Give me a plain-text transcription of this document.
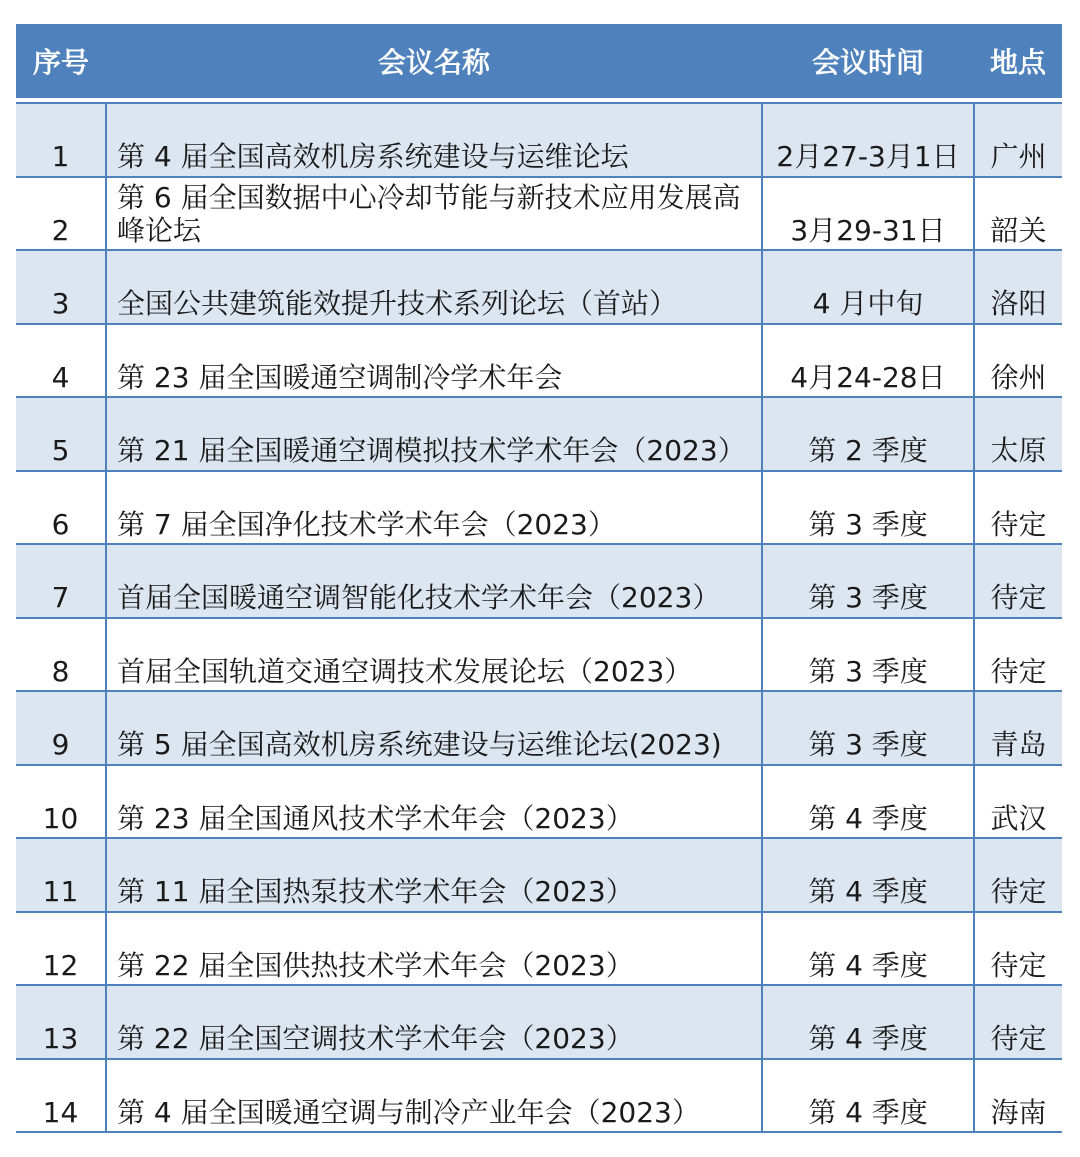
序号	会议名称	会议时间	地点

1	第 4 届全国高效机房系统建设与运维论坛	2月27-3月1日	广州
2	第 6 届全国数据中心冷却节能与新技术应用发展高峰论坛	3月29-31日	韶关
3	全国公共建筑能效提升技术系列论坛（首站）	4 月中旬	洛阳
4	第 23 届全国暖通空调制冷学术年会	4月24-28日	徐州
5	第 21 届全国暖通空调模拟技术学术年会（2023）	第 2 季度	太原
6	第 7 届全国净化技术学术年会（2023）	第 3 季度	待定
7	首届全国暖通空调智能化技术学术年会（2023）	第 3 季度	待定
8	首届全国轨道交通空调技术发展论坛（2023）	第 3 季度	待定
9	第 5 届全国高效机房系统建设与运维论坛(2023)	第 3 季度	青岛
10	第 23 届全国通风技术学术年会（2023）	第 4 季度	武汉
11	第 11 届全国热泵技术学术年会（2023）	第 4 季度	待定
12	第 22 届全国供热技术学术年会（2023）	第 4 季度	待定
13	第 22 届全国空调技术学术年会（2023）	第 4 季度	待定
14	第 4 届全国暖通空调与制冷产业年会（2023）	第 4 季度	海南
